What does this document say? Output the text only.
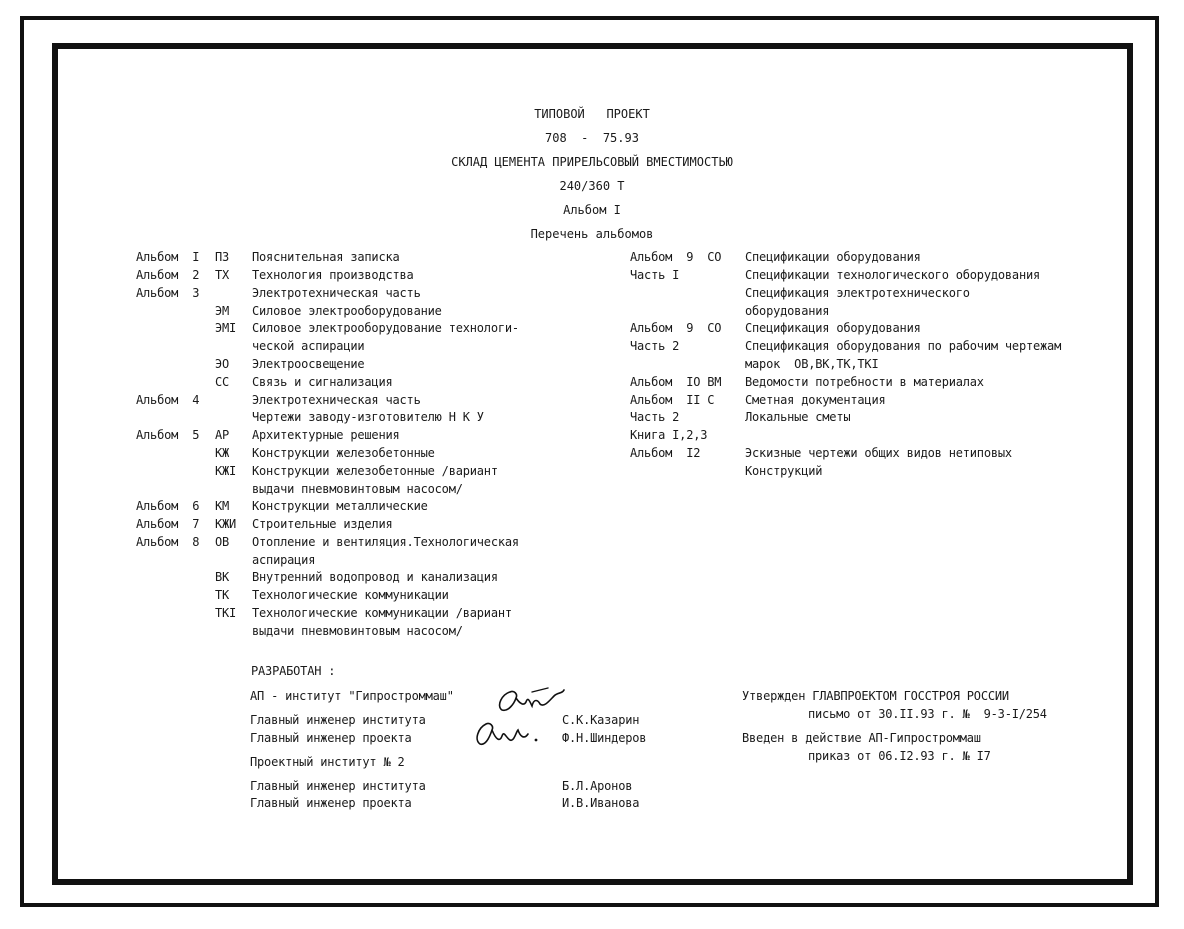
ТИПОВОЙ   ПРОЕКТ
708  -  75.93
СКЛАД ЦЕМЕНТА ПРИРЕЛЬСОВЫЙ ВМЕСТИМОСТЬЮ
240/360 Т
Альбом I
Перечень альбомов
Альбом  I ПЗ Пояснительная записка
Альбом  2 ТХ Технология производства
Альбом  3	Электротехническая часть
ЭМ Силовое электрооборудование
ЭМI Силовое электрооборудование технологи-
ческой аспирации
ЭО Электроосвещение
СС Связь и сигнализация
Альбом  4	Электротехническая часть
Чертежи заводу-изготовителю Н К У
Альбом  5 АР Архитектурные решения
КЖ Конструкции железобетонные
КЖI Конструкции железобетонные /вариант
выдачи пневмовинтовым насосом/
Альбом  6 КМ Конструкции металлические
Альбом  7 КЖИ Строительные изделия
Альбом  8 ОВ Отопление и вентиляция.Технологическая
аспирация
ВК Внутренний водопровод и канализация
ТК Технологические коммуникации
ТКI Технологические коммуникации /вариант
выдачи пневмовинтовым насосом/
Альбом  9  СО Спецификации оборудования
Часть I	Спецификации технологического оборудования
Спецификация электротехнического
оборудования
Альбом  9  СО Спецификация оборудования
Часть 2	Спецификация оборудования по рабочим чертежам
марок  ОВ,ВК,ТК,ТКI
Альбом  IO ВМ Ведомости потребности в материалах
Альбом  II С	Сметная документация
Часть 2	Локальные сметы
Книга I,2,3
Альбом  I2	Эскизные чертежи общих видов нетиповых
Конструкций
РАЗРАБОТАН :
АП - институт "Гипростроммаш"
Главный инженер института	С.К.Казарин
Главный инженер проекта	Ф.Н.Шиндеров
Проектный институт № 2
Главный инженер института	Б.Л.Аронов
Главный инженер проекта	И.В.Иванова
Утвержден ГЛАВПРОЕКТОМ ГОССТРОЯ РОССИИ
письмо от 30.II.93 г. №  9-3-I/254
Введен в действие АП-Гипростроммаш
приказ от 06.I2.93 г. № I7
